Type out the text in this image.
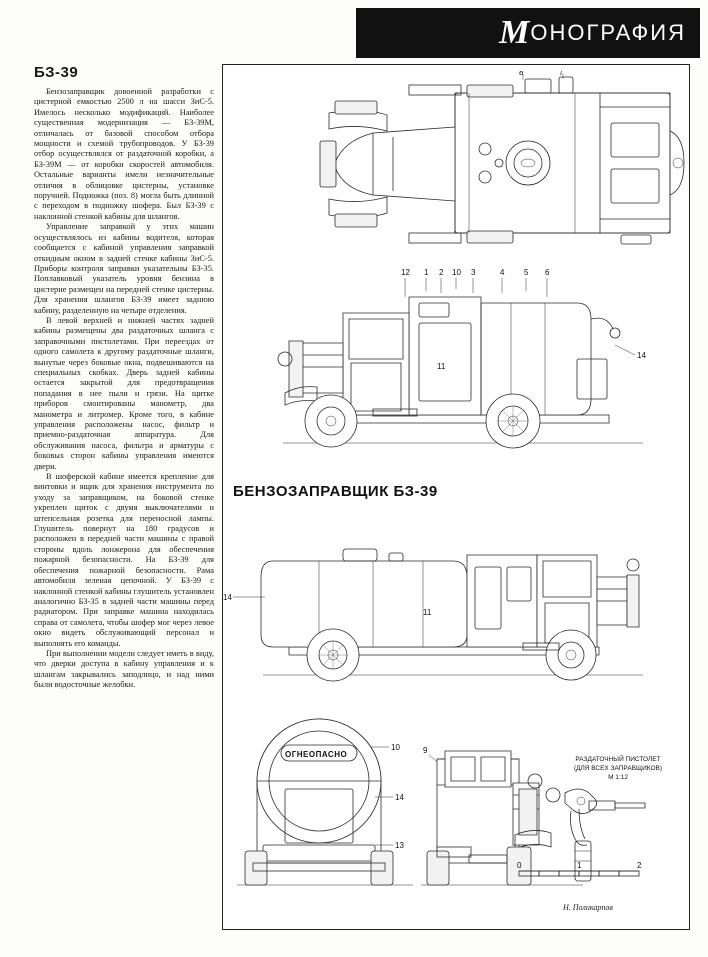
М ОНОГРАФИЯ
БЗ-39

Бензозаправщик довоенной разработки с цистерной емкостью 2500 л на шасси ЗиС-5. Имелось несколько модификаций. Наиболее существенная модернизация — БЗ-39М, отличалась от базовой способом отбора мощности и схемой трубопроводов. У БЗ-39 отбор осуществлялся от раздаточной коробки, а БЗ-39М — от коробки скоростей автомобиля. Остальные варианты имели незначительные отличия в облицовке цистерны, установке поручней. Подножка (поз. 8) могла быть длинной с переходом в подножку шофера. Был БЗ-39 с наклонной стенкой кабины для шлангов.

Управление заправкой у этих машин осуществлялось из кабины водителя, которая сообщается с кабиной управления заправкой откидным окном в задней стенке кабины ЗиС-5. Приборы контроля заправки указательны БЗ-35. Поплавковый указатель уровня бензина в цистерне размещен на передней стенке цистерны. Для хранения шлангов БЗ-39 имеет заднюю кабину, разделенную на четыре отделения.

В левой верхней и нижней частях задней кабины размещены два раздаточных шланга с заправочными пистолетами. При переездах от одного самолета к другому раздаточные шланги, вынутые через боковые окна, подвешиваются на специальных скобках. Дверь задней кабины остается закрытой для предотвращения попадания в нее пыли и грязи. На щитке приборов смонтированы манометр, два манометра и литромер. Кроме того, в кабине управления расположены насос, фильтр и приемно-раздаточная аппаратура. Для обслуживания насоса, фильтра и арматуры с боковых сторон кабины управления имеются двери.

В шоферской кабине имеется крепление для винтовки и ящик для хранения инструмента по уходу за заправщиком, на боковой стенке укреплен щиток с двумя выключателями и штепсельная розетка для переносной лампы. Глушитель повернут на 180 градусов и расположен в передней части машины с правой стороны вдоль лонжерона для обеспечения пожарной безопасности. На БЗ-39 для обеспечения пожарной безопасности. Рама автомобиля зеленая цепочной. У БЗ-39 с наклонной стенкой кабины глушитель установлен аналогично БЗ-35 в задней части машины перед радиатором. При заправке машина находилась справа от самолета, чтобы шофер мог через левое окно видеть обслуживающий персонал и выполнять его команды.

При выполнении модели следует иметь в виду, что дверки доступа в кабину управления и к шлангам закрывались заподлицо, и над ними были водосточные желобки.

8	7
12 1 2 10 3	4 5 6
11
14
БЕНЗОЗАПРАВЩИК БЗ-39
14
11
ОГНЕОПАСНО
10
14
13
9
0	1	2
РАЗДАТОЧНЫЙ ПИСТОЛЕТ
(ДЛЯ ВСЕХ ЗАПРАВЩИКОВ)
М 1:12
Н. Поликарпов
